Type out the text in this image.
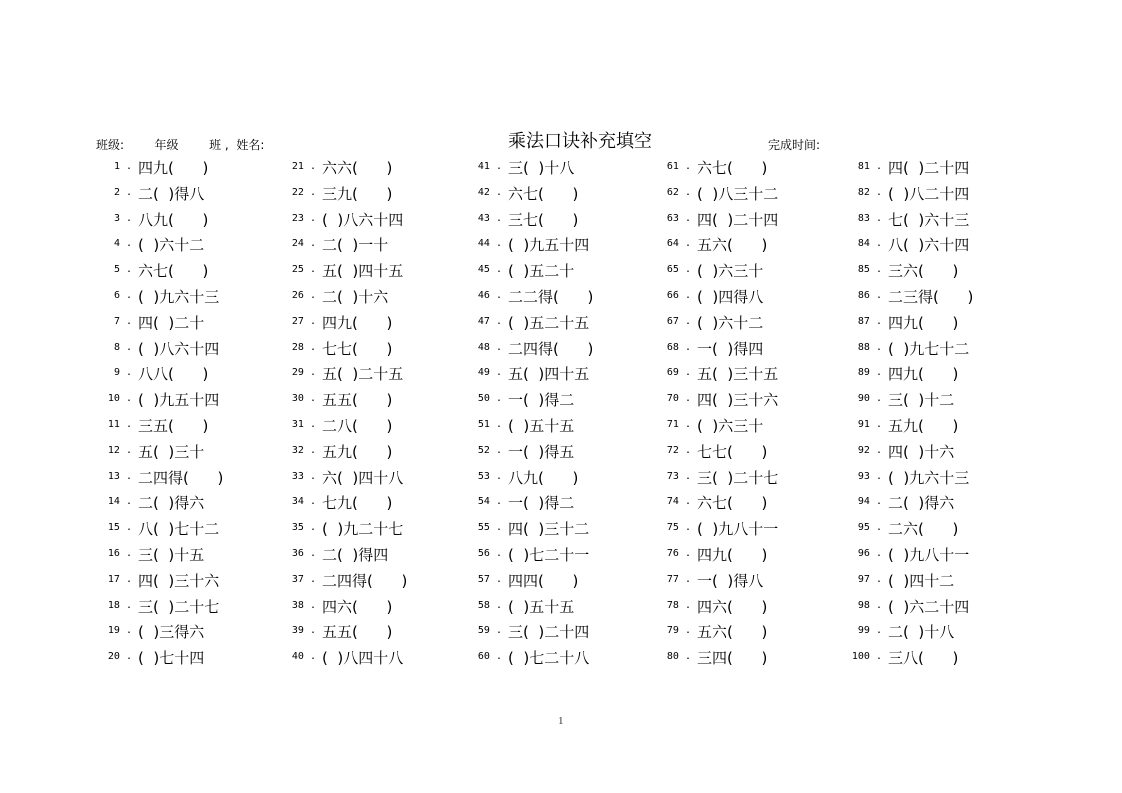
班级:        年级        班 ,  姓名:	乘法口诀补充填空	完成时间:
1 . 四九(      )
2 . 二(  )得八
3 . 八九(      )
4 . (  )六十二
5 . 六七(      )
6 . (  )九六十三
7 . 四(  )二十
8 . (  )八六十四
9 . 八八(      )
10 . (  )九五十四
11 . 三五(      )
12 . 五(  )三十
13 . 二四得(      )
14 . 二(  )得六
15 . 八(  )七十二
16 . 三(  )十五
17 . 四(  )三十六
18 . 三(  )二十七
19 . (  )三得六
20 . (  )七十四
21 . 六六(      )
22 . 三九(      )
23 . (  )八六十四
24 . 二(  )一十
25 . 五(  )四十五
26 . 二(  )十六
27 . 四九(      )
28 . 七七(      )
29 . 五(  )二十五
30 . 五五(      )
31 . 二八(      )
32 . 五九(      )
33 . 六(  )四十八
34 . 七九(      )
35 . (  )九二十七
36 . 二(  )得四
37 . 二四得(      )
38 . 四六(      )
39 . 五五(      )
40 . (  )八四十八
41 . 三(  )十八
42 . 六七(      )
43 . 三七(      )
44 . (  )九五十四
45 . (  )五二十
46 . 二二得(      )
47 . (  )五二十五
48 . 二四得(      )
49 . 五(  )四十五
50 . 一(  )得二
51 . (  )五十五
52 . 一(  )得五
53 . 八九(      )
54 . 一(  )得二
55 . 四(  )三十二
56 . (  )七二十一
57 . 四四(      )
58 . (  )五十五
59 . 三(  )二十四
60 . (  )七二十八
61 . 六七(      )
62 . (  )八三十二
63 . 四(  )二十四
64 . 五六(      )
65 . (  )六三十
66 . (  )四得八
67 . (  )六十二
68 . 一(  )得四
69 . 五(  )三十五
70 . 四(  )三十六
71 . (  )六三十
72 . 七七(      )
73 . 三(  )二十七
74 . 六七(      )
75 . (  )九八十一
76 . 四九(      )
77 . 一(  )得八
78 . 四六(      )
79 . 五六(      )
80 . 三四(      )
81 . 四(  )二十四
82 . (  )八二十四
83 . 七(  )六十三
84 . 八(  )六十四
85 . 三六(      )
86 . 二三得(      )
87 . 四九(      )
88 . (  )九七十二
89 . 四九(      )
90 . 三(  )十二
91 . 五九(      )
92 . 四(  )十六
93 . (  )九六十三
94 . 二(  )得六
95 . 二六(      )
96 . (  )九八十一
97 . (  )四十二
98 . (  )六二十四
99 . 二(  )十八
100 . 三八(      )
1
